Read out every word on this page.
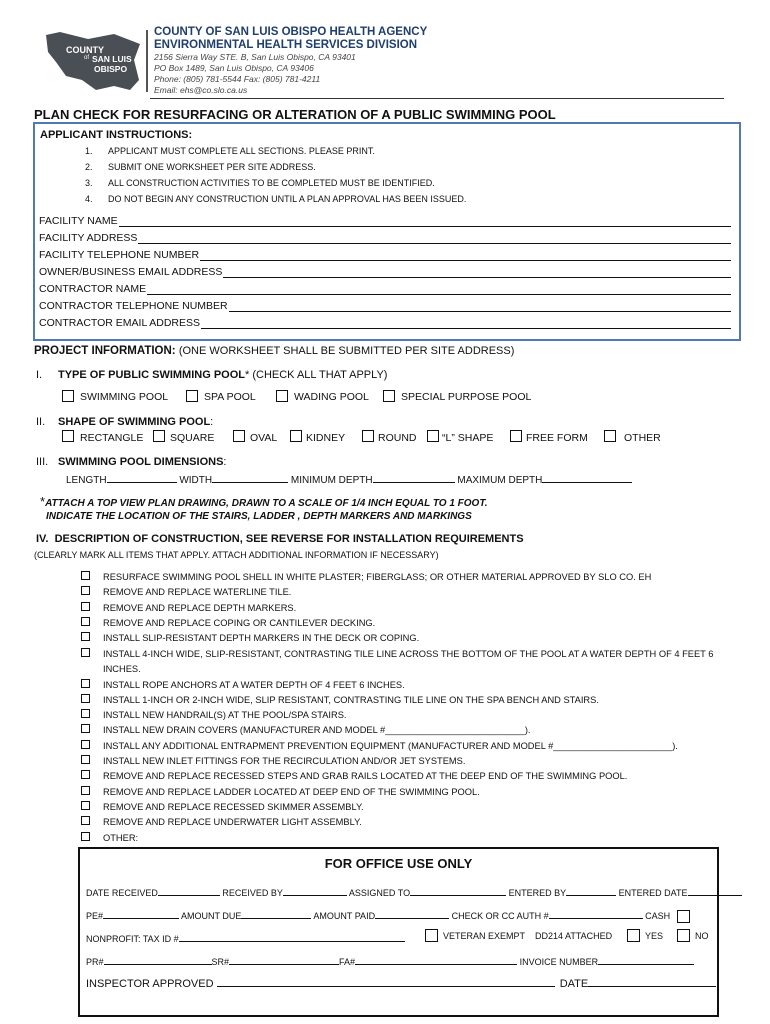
COUNTY
of SAN LUIS
OBISPO
COUNTY OF SAN LUIS OBISPO HEALTH AGENCY
ENVIRONMENTAL HEALTH SERVICES DIVISION
2156 Sierra Way STE. B, San Luis Obispo, CA 93401
PO Box 1489, San Luis Obispo, CA 93406
Phone: (805) 781-5544 Fax: (805) 781-4211
Email: ehs@co.slo.ca.us
PLAN CHECK FOR RESURFACING OR ALTERATION OF A PUBLIC SWIMMING POOL
APPLICANT INSTRUCTIONS:
1. APPLICANT MUST COMPLETE ALL SECTIONS. PLEASE PRINT.
2. SUBMIT ONE WORKSHEET PER SITE ADDRESS.
3. ALL CONSTRUCTION ACTIVITIES TO BE COMPLETED MUST BE IDENTIFIED.
4. DO NOT BEGIN ANY CONSTRUCTION UNTIL A PLAN APPROVAL HAS BEEN ISSUED.
FACILITY NAME
FACILITY ADDRESS
FACILITY TELEPHONE NUMBER
OWNER/BUSINESS EMAIL ADDRESS
CONTRACTOR NAME
CONTRACTOR TELEPHONE NUMBER
CONTRACTOR EMAIL ADDRESS
PROJECT INFORMATION: (ONE WORKSHEET SHALL BE SUBMITTED PER SITE ADDRESS)
I. TYPE OF PUBLIC SWIMMING POOL* (CHECK ALL THAT APPLY)
SWIMMING POOL	SPA POOL	WADING POOL	SPECIAL PURPOSE POOL
II. SHAPE OF SWIMMING POOL:
RECTANGLE	SQUARE	OVAL	KIDNEY	ROUND “L” SHAPE	FREE FORM	OTHER
III. SWIMMING POOL DIMENSIONS:
LENGTH	WIDTH	MINIMUM DEPTH	MAXIMUM DEPTH
*ATTACH A TOP VIEW PLAN DRAWING, DRAWN TO A SCALE OF 1/4 INCH EQUAL TO 1 FOOT.
INDICATE THE LOCATION OF THE STAIRS, LADDER , DEPTH MARKERS AND MARKINGS
IV. DESCRIPTION OF CONSTRUCTION, SEE REVERSE FOR INSTALLATION REQUIREMENTS
(CLEARLY MARK ALL ITEMS THAT APPLY. ATTACH ADDITIONAL INFORMATION IF NECESSARY)
RESURFACE SWIMMING POOL SHELL IN WHITE PLASTER; FIBERGLASS; OR OTHER MATERIAL APPROVED BY SLO CO. EH
REMOVE AND REPLACE WATERLINE TILE.
REMOVE AND REPLACE DEPTH MARKERS.
REMOVE AND REPLACE COPING OR CANTILEVER DECKING.
INSTALL SLIP-RESISTANT DEPTH MARKERS IN THE DECK OR COPING.
INSTALL 4-INCH WIDE, SLIP-RESISTANT, CONTRASTING TILE LINE ACROSS THE BOTTOM OF THE POOL AT A WATER DEPTH OF 4 FEET 6 INCHES.
INSTALL ROPE ANCHORS AT A WATER DEPTH OF 4 FEET 6 INCHES.
INSTALL 1-INCH OR 2-INCH WIDE, SLIP RESISTANT, CONTRASTING TILE LINE ON THE SPA BENCH AND STAIRS.
INSTALL NEW HANDRAIL(S) AT THE POOL/SPA STAIRS.
INSTALL NEW DRAIN COVERS (MANUFACTURER AND MODEL #___________________________).
INSTALL ANY ADDITIONAL ENTRAPMENT PREVENTION EQUIPMENT (MANUFACTURER AND MODEL #_______________________).
INSTALL NEW INLET FITTINGS FOR THE RECIRCULATION AND/OR JET SYSTEMS.
REMOVE AND REPLACE RECESSED STEPS AND GRAB RAILS LOCATED AT THE DEEP END OF THE SWIMMING POOL.
REMOVE AND REPLACE LADDER LOCATED AT DEEP END OF THE SWIMMING POOL.
REMOVE AND REPLACE RECESSED SKIMMER ASSEMBLY.
REMOVE AND REPLACE UNDERWATER LIGHT ASSEMBLY.
OTHER:
FOR OFFICE USE ONLY
DATE RECEIVED	RECEIVED BY	ASSIGNED TO	ENTERED BY	ENTERED DATE
PE#	AMOUNT DUE	AMOUNT PAID	CHECK OR CC AUTH #	CASH
NONPROFIT: TAX ID #	VETERAN EXEMPT DD214 ATTACHED	YES	NO
PR#	SR#	FA#	INVOICE NUMBER
INSPECTOR APPROVED	DATE
